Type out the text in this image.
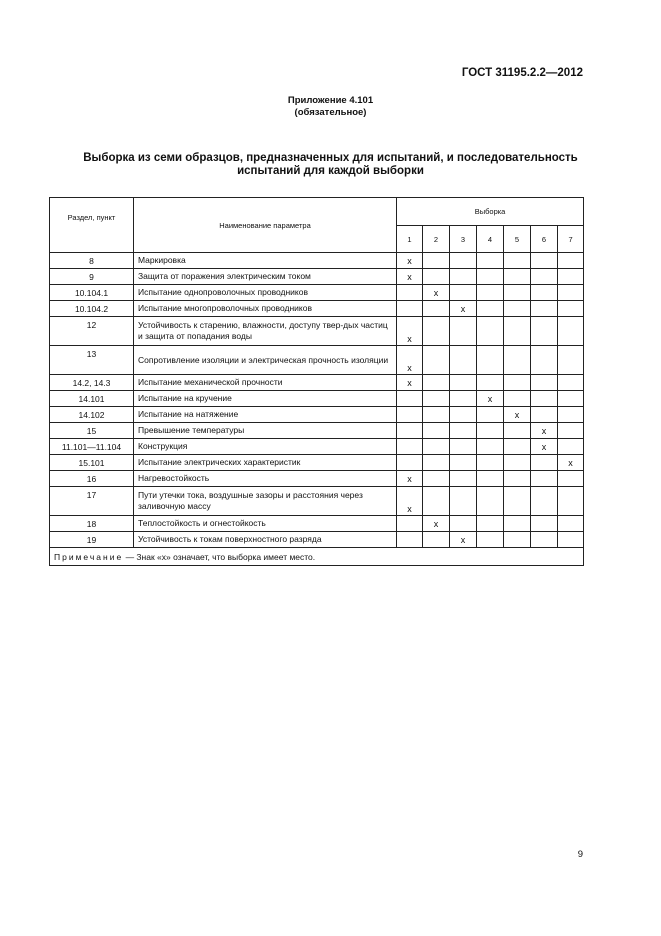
ГОСТ 31195.2.2—2012
Приложение 4.101
(обязательное)
Выборка из семи образцов, предназначенных для испытаний, и последовательность
испытаний для каждой выборки
Раздел, пункт	Наименование параметра	Выборка						
		1	2	3	4	5	6	7
8	Маркировка	x						
9	Защита от поражения электрическим током	x						
10.104.1	Испытание однопроволочных проводников		x					
10.104.2	Испытание многопроволочных проводников			x				
12	Устойчивость к старению, влажности, доступу твер-дых частиц и защита от попадания воды	x						
13	Сопротивление изоляции и электрическая прочность изоляции	x						
14.2, 14.3	Испытание механической прочности	x						
14.101	Испытание на кручение				x			
14.102	Испытание на натяжение					x		
15	Превышение температуры						x	
11.101—11.104	Конструкция						x	
15.101	Испытание электрических характеристик							x
16	Нагревостойкость	x						
17	Пути утечки тока, воздушные зазоры и расстояния через заливочную массу	x						
18	Теплостойкость и огнестойкость		x					
19	Устойчивость к токам поверхностного разряда			x				
Примечание — Знак «х» означает, что выборка имеет место.								
9
